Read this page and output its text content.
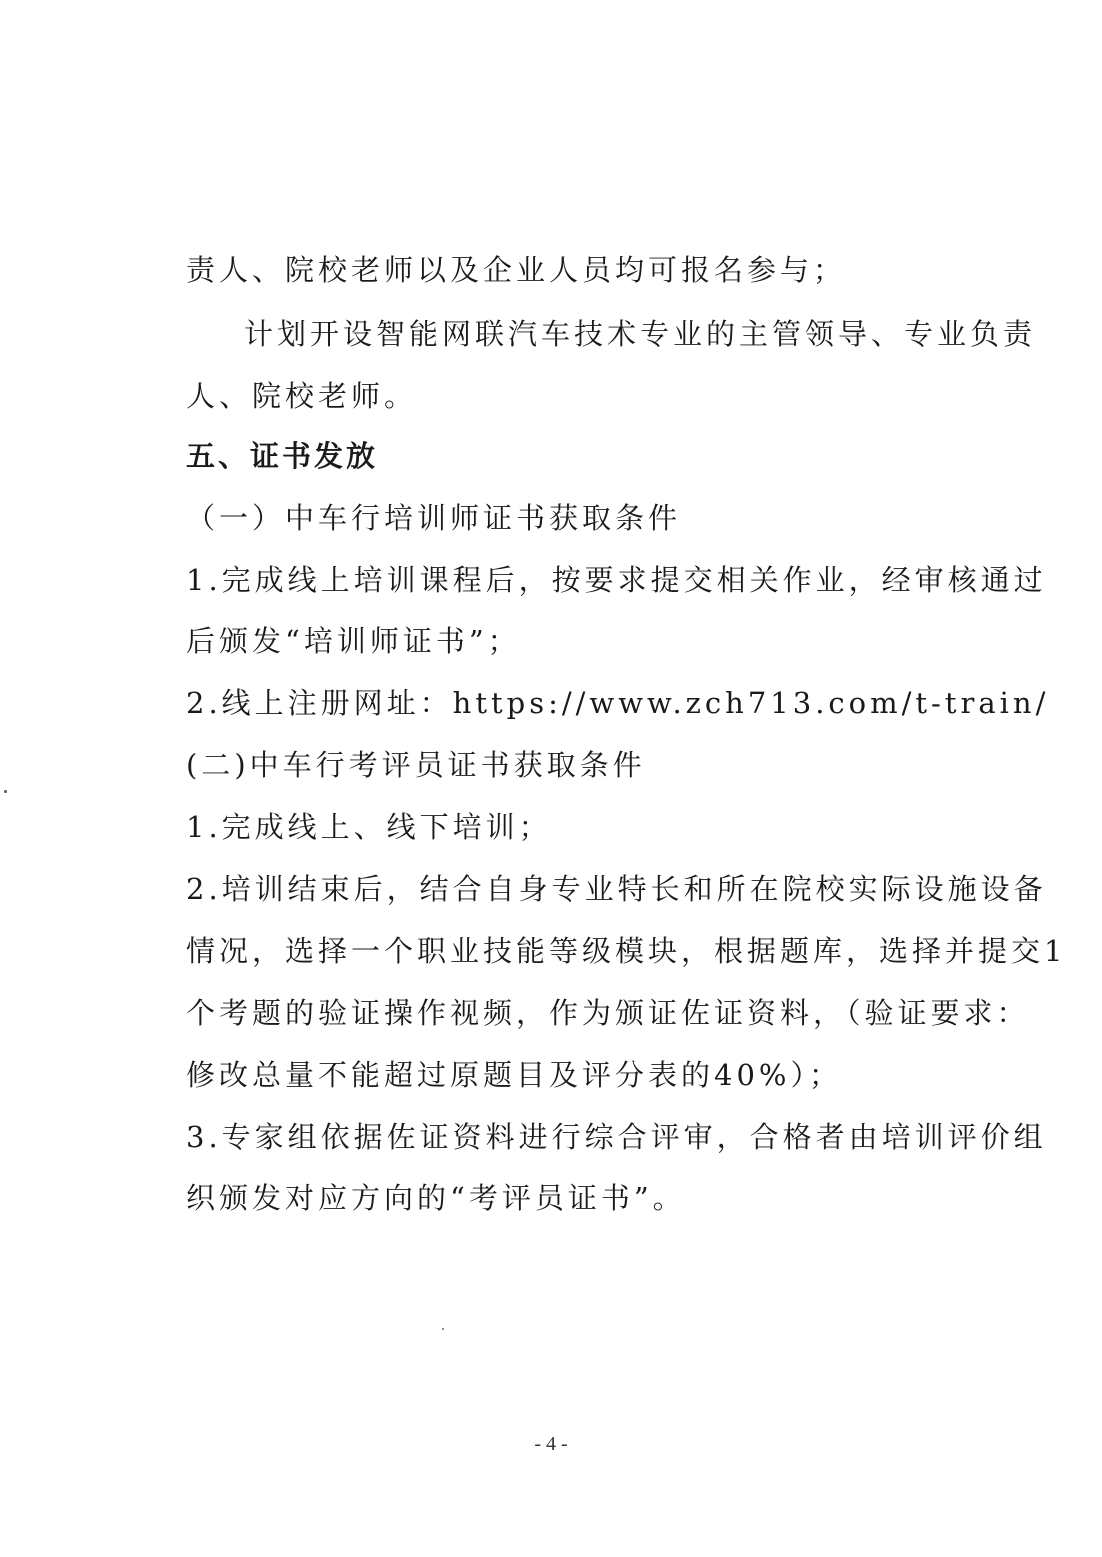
责人、院校老师以及企业人员均可报名参与；
计划开设智能网联汽车技术专业的主管领导、专业负责
人、院校老师。
五、证书发放
（一）中车行培训师证书获取条件
1.完成线上培训课程后，按要求提交相关作业，经审核通过
后颁发“培训师证书”；
2.线上注册网址：https://www.zch713.com/t-train/
(二)中车行考评员证书获取条件
1.完成线上、线下培训；
2.培训结束后，结合自身专业特长和所在院校实际设施设备
情况，选择一个职业技能等级模块，根据题库，选择并提交1
个考题的验证操作视频，作为颁证佐证资料，（验证要求：
修改总量不能超过原题目及评分表的40%）；
3.专家组依据佐证资料进行综合评审，合格者由培训评价组
织颁发对应方向的“考评员证书”。
- 4 -
